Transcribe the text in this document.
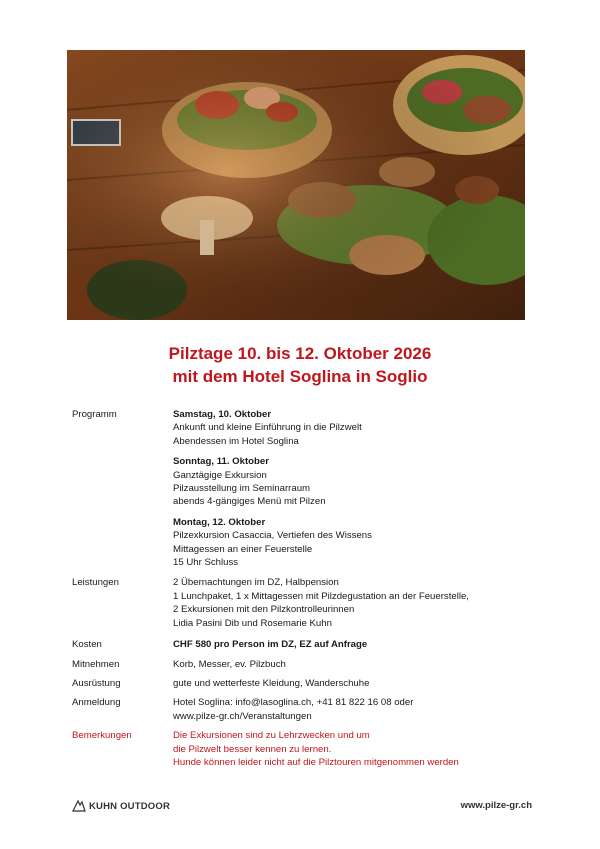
Pilztage 10. bis 12. Oktober 2026
mit dem Hotel Soglina in Soglio
Programm	Samstag, 10. Oktober
Ankunft und kleine Einführung in die Pilzwelt
Abendessen im Hotel Soglina
Sonntag, 11. Oktober
Ganztägige Exkursion
Pilzausstellung im Seminarraum
abends 4-gängiges Menü mit Pilzen
Montag, 12. Oktober
Pilzexkursion Casaccia, Vertiefen des Wissens
Mittagessen an einer Feuerstelle
15 Uhr Schluss
Leistungen	2 Übernachtungen im DZ, Halbpension
1 Lunchpaket, 1 x Mittagessen mit Pilzdegustation an der Feuerstelle,
2 Exkursionen mit den Pilzkontrolleurinnen
Lidia Pasini Dib und Rosemarie Kuhn
Kosten	CHF 580 pro Person im DZ, EZ auf Anfrage
Mitnehmen	Korb, Messer, ev. Pilzbuch
Ausrüstung	gute und wetterfeste Kleidung, Wanderschuhe
Anmeldung	Hotel Soglina: info@lasoglina.ch, +41 81 822 16 08 oder
www.pilze-gr.ch/Veranstaltungen
Bemerkungen	Die Exkursionen sind zu Lehrzwecken und um
die Pilzwelt besser kennen zu lernen.
Hunde können leider nicht auf die Pilztouren mitgenommen werden
KUHN OUTDOOR	www.pilze-gr.ch
